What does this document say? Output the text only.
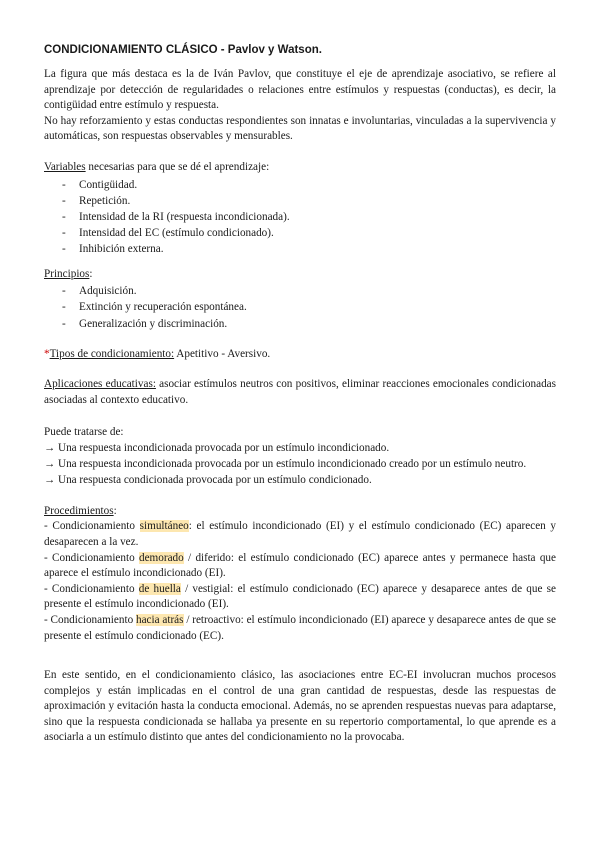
CONDICIONAMIENTO CLÁSICO - Pavlov y Watson.

La figura que más destaca es la de Iván Pavlov, que constituye el eje de aprendizaje asociativo, se refiere al aprendizaje por detección de regularidades o relaciones entre estímulos y respuestas (conductas), es decir, la contigüidad entre estímulo y respuesta.

No hay reforzamiento y estas conductas respondientes son innatas e involuntarias, vinculadas a la supervivencia y automáticas, son respuestas observables y mensurables.

Variables necesarias para que se dé el aprendizaje:

- Contigüidad.
- Repetición.
- Intensidad de la RI (respuesta incondicionada).
- Intensidad del EC (estímulo condicionado).
- Inhibición externa.

Principios:

- Adquisición.
- Extinción y recuperación espontánea.
- Generalización y discriminación.

*Tipos de condicionamiento: Apetitivo - Aversivo.

Aplicaciones educativas: asociar estímulos neutros con positivos, eliminar reacciones emocionales condicionadas asociadas al contexto educativo.

Puede tratarse de:

→ Una respuesta incondicionada provocada por un estímulo incondicionado.

→ Una respuesta incondicionada provocada por un estímulo incondicionado creado por un estímulo neutro.

→ Una respuesta condicionada provocada por un estímulo condicionado.

Procedimientos:

- Condicionamiento simultáneo: el estímulo incondicionado (EI) y el estímulo condicionado (EC) aparecen y desaparecen a la vez.

- Condicionamiento demorado / diferido: el estímulo condicionado (EC) aparece antes y permanece hasta que aparece el estímulo incondicionado (EI).

- Condicionamiento de huella / vestigial: el estímulo condicionado (EC) aparece y desaparece antes de que se presente el estímulo incondicionado (EI).

- Condicionamiento hacia atrás / retroactivo: el estímulo incondicionado (EI) aparece y desaparece antes de que se presente el estímulo condicionado (EC).

En este sentido, en el condicionamiento clásico, las asociaciones entre EC-EI involucran muchos procesos complejos y están implicadas en el control de una gran cantidad de respuestas, desde las respuestas de aproximación y evitación hasta la conducta emocional. Además, no se aprenden respuestas nuevas para adaptarse, sino que la respuesta condicionada se hallaba ya presente en su repertorio comportamental, lo que aprende es a asociarla a un estímulo distinto que antes del condicionamiento no la provocaba.
